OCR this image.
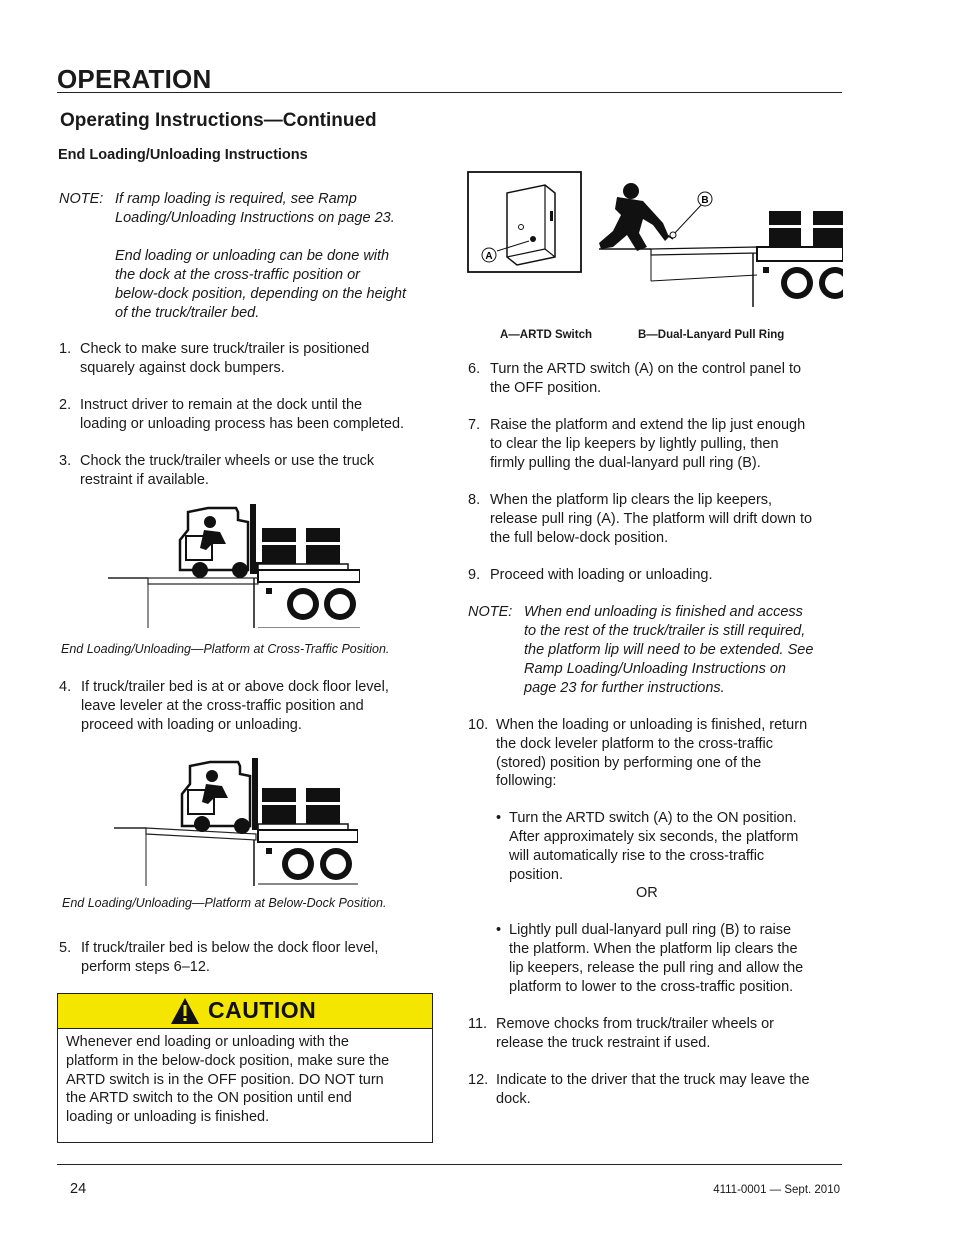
OPERATION
Operating Instructions—Continued
End Loading/Unloading Instructions
NOTE: If ramp loading is required, see Ramp
Loading/Unloading Instructions on page 23.
End loading or unloading can be done with
the dock at the cross-traffic position or
below-dock position, depending on the height
of the truck/trailer bed.
1. Check to make sure truck/trailer is positioned
squarely against dock bumpers.
2. Instruct driver to remain at the dock until the
loading or unloading process has been completed.
3. Chock the truck/trailer wheels or use the truck
restraint if available.
End Loading/Unloading—Platform at Cross-Traffic Position.
4. If truck/trailer bed is at or above dock floor level,
leave leveler at the cross-traffic position and
proceed with loading or unloading.
End Loading/Unloading—Platform at Below-Dock Position.
5. If truck/trailer bed is below the dock floor level,
perform steps 6–12.
CAUTION
Whenever end loading or unloading with the
platform in the below-dock position, make sure the
ARTD switch is in the OFF position. DO NOT turn
the ARTD switch to the ON position until end
loading or unloading is finished.
A
B
A—ARTD Switch	B—Dual-Lanyard Pull Ring
6. Turn the ARTD switch (A) on the control panel to
the OFF position.
7. Raise the platform and extend the lip just enough
to clear the lip keepers by lightly pulling, then
firmly pulling the dual-lanyard pull ring (B).
8. When the platform lip clears the lip keepers,
release pull ring (A). The platform will drift down to
the full below-dock position.
9. Proceed with loading or unloading.
NOTE: When end unloading is finished and access
to the rest of the truck/trailer is still required,
the platform lip will need to be extended. See
Ramp Loading/Unloading Instructions on
page 23 for further instructions.
10. When the loading or unloading is finished, return
the dock leveler platform to the cross-traffic
(stored) position by performing one of the
following:
• Turn the ARTD switch (A) to the ON position.
After approximately six seconds, the platform
will automatically rise to the cross-traffic
position.
OR
• Lightly pull dual-lanyard pull ring (B) to raise
the platform. When the platform lip clears the
lip keepers, release the pull ring and allow the
platform to lower to the cross-traffic position.
11. Remove chocks from truck/trailer wheels or
release the truck restraint if used.
12. Indicate to the driver that the truck may leave the
dock.
24	4111-0001 — Sept. 2010
